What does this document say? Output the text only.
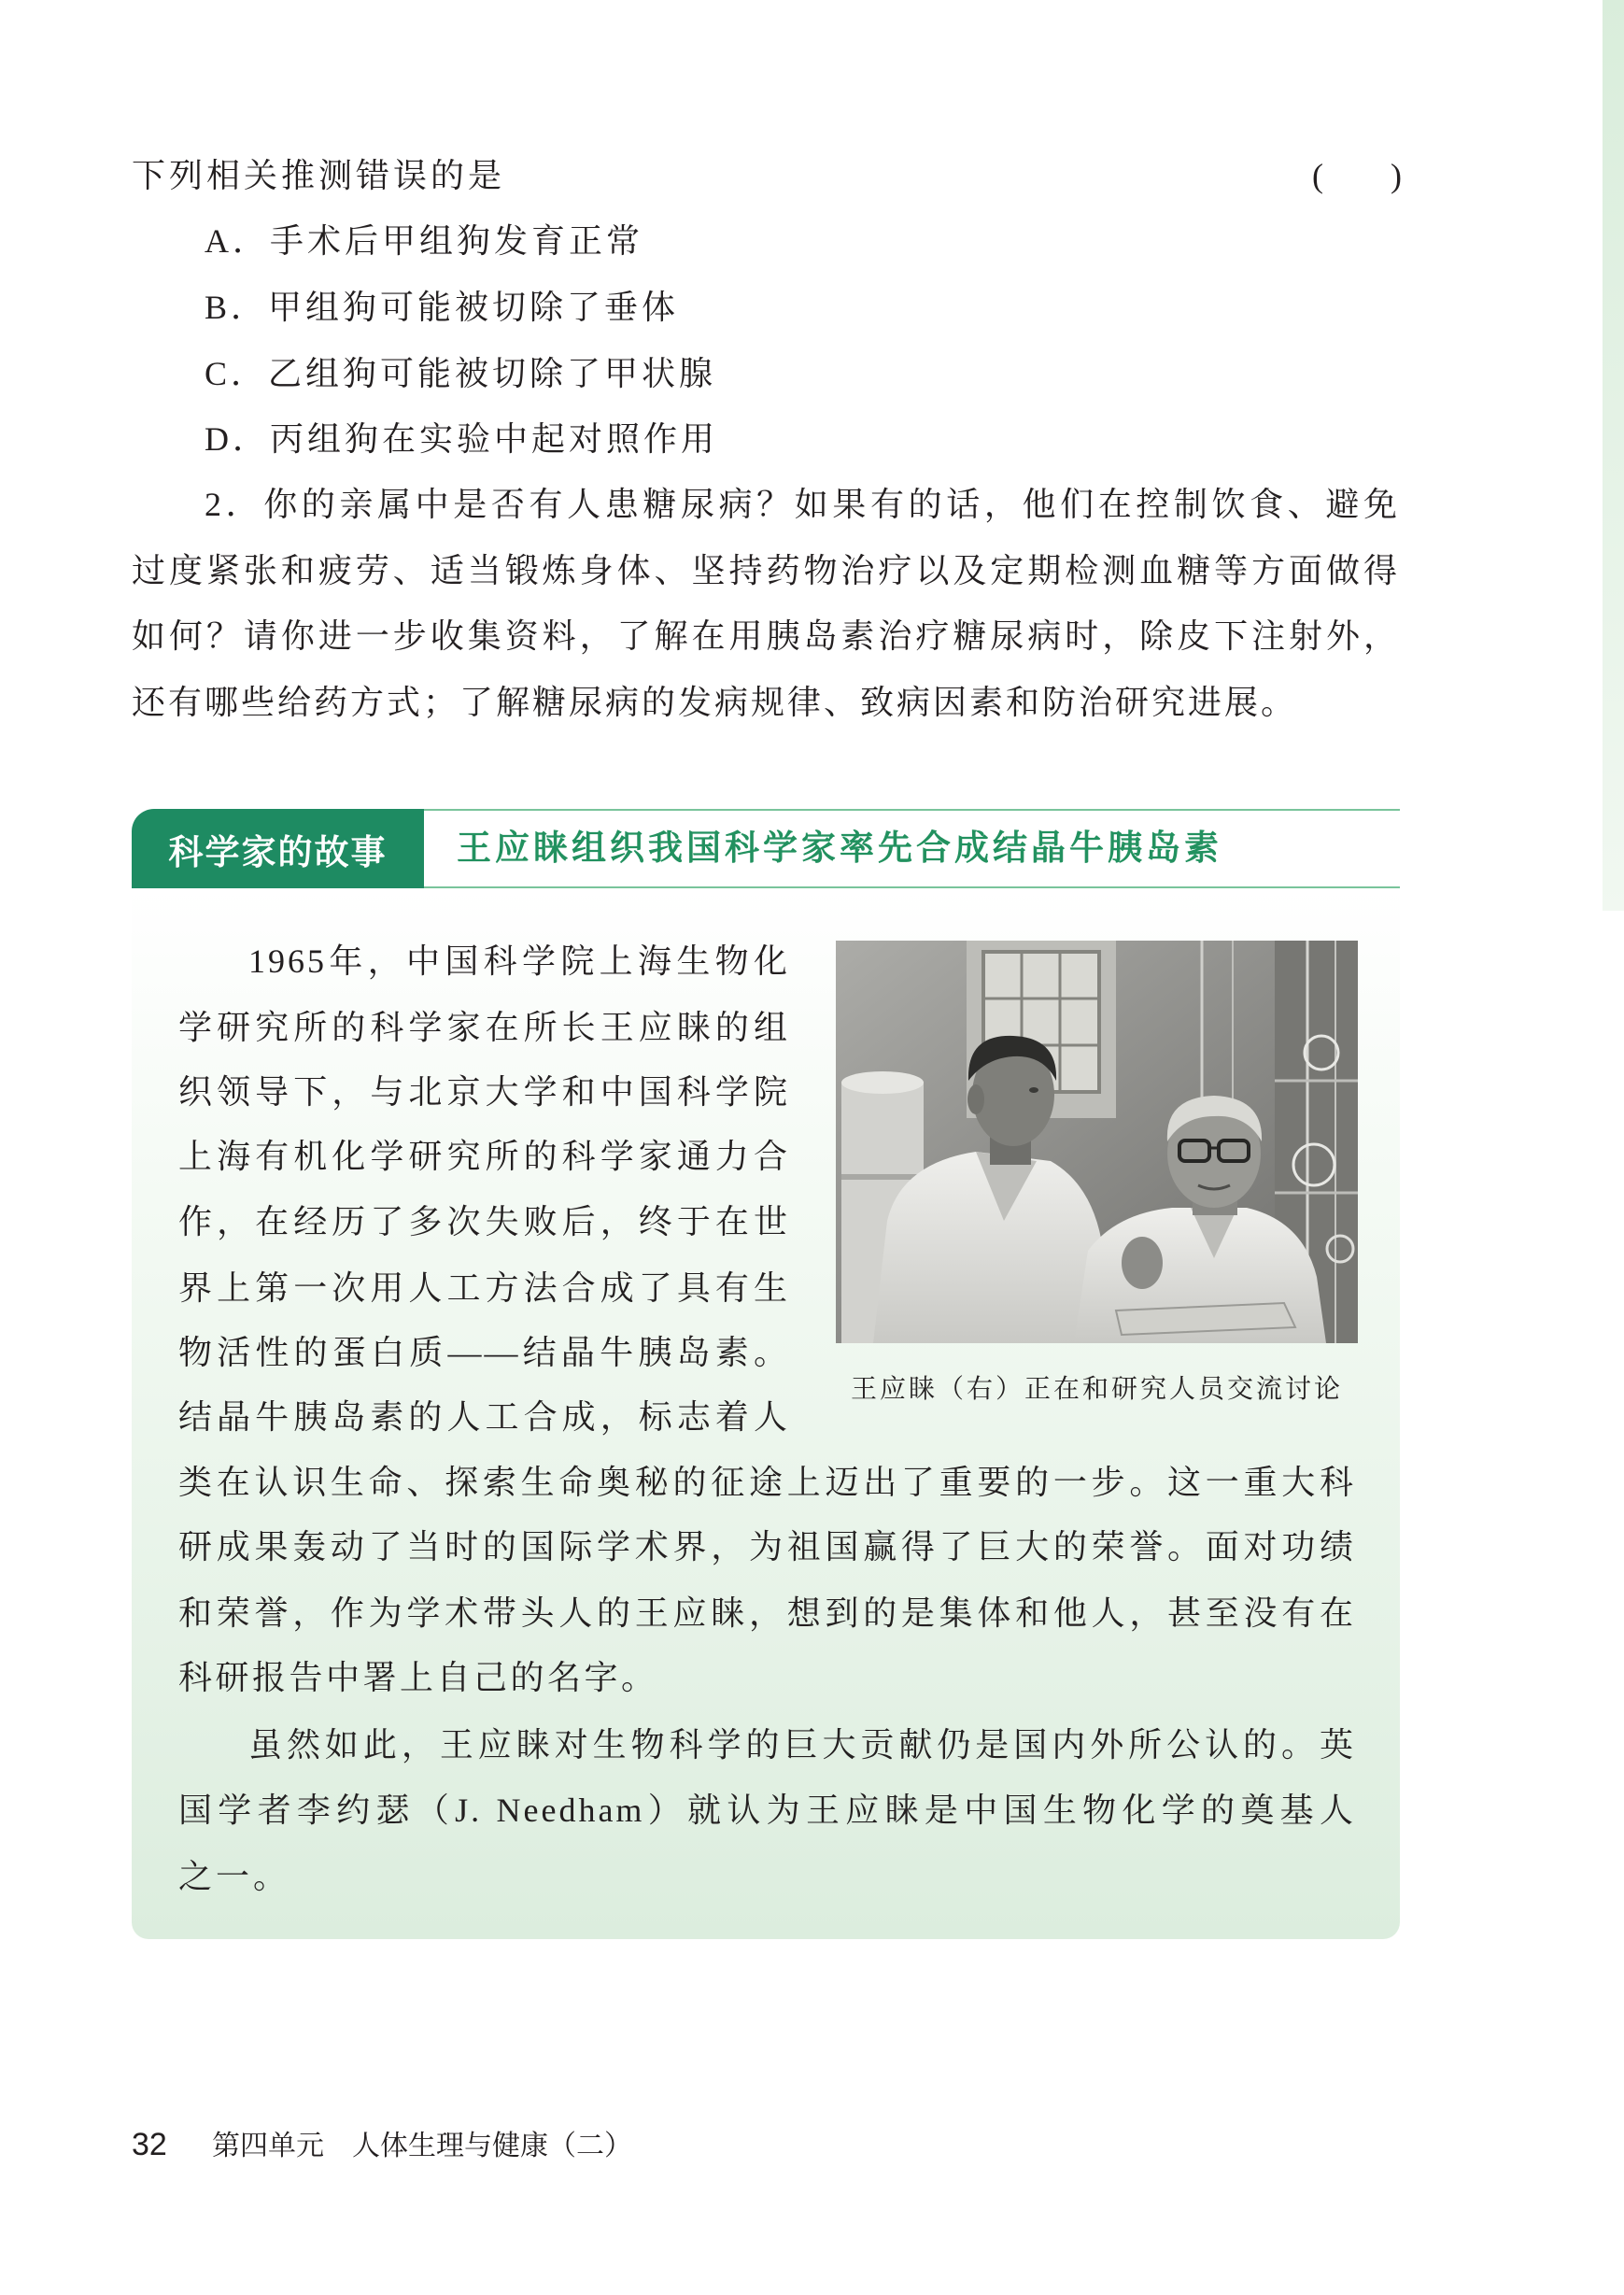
下列相关推测错误的是	(　　)
A．手术后甲组狗发育正常
B．甲组狗可能被切除了垂体
C．乙组狗可能被切除了甲状腺
D．丙组狗在实验中起对照作用
2．你的亲属中是否有人患糖尿病？如果有的话，他们在控制饮食、避免
过度紧张和疲劳、适当锻炼身体、坚持药物治疗以及定期检测血糖等方面做得
如何？请你进一步收集资料，了解在用胰岛素治疗糖尿病时，除皮下注射外，
还有哪些给药方式；了解糖尿病的发病规律、致病因素和防治研究进展。
科学家的故事 王应睐组织我国科学家率先合成结晶牛胰岛素
王应睐（右）正在和研究人员交流讨论
1965年，中国科学院上海生物化
学研究所的科学家在所长王应睐的组
织领导下，与北京大学和中国科学院
上海有机化学研究所的科学家通力合
作，在经历了多次失败后，终于在世
界上第一次用人工方法合成了具有生
物活性的蛋白质——结晶牛胰岛素。
结晶牛胰岛素的人工合成，标志着人
类在认识生命、探索生命奥秘的征途上迈出了重要的一步。这一重大科
研成果轰动了当时的国际学术界，为祖国赢得了巨大的荣誉。面对功绩
和荣誉，作为学术带头人的王应睐，想到的是集体和他人，甚至没有在
科研报告中署上自己的名字。
虽然如此，王应睐对生物科学的巨大贡献仍是国内外所公认的。英
国学者李约瑟（J. Needham）就认为王应睐是中国生物化学的奠基人
之一。
32 第四单元　人体生理与健康（二）
